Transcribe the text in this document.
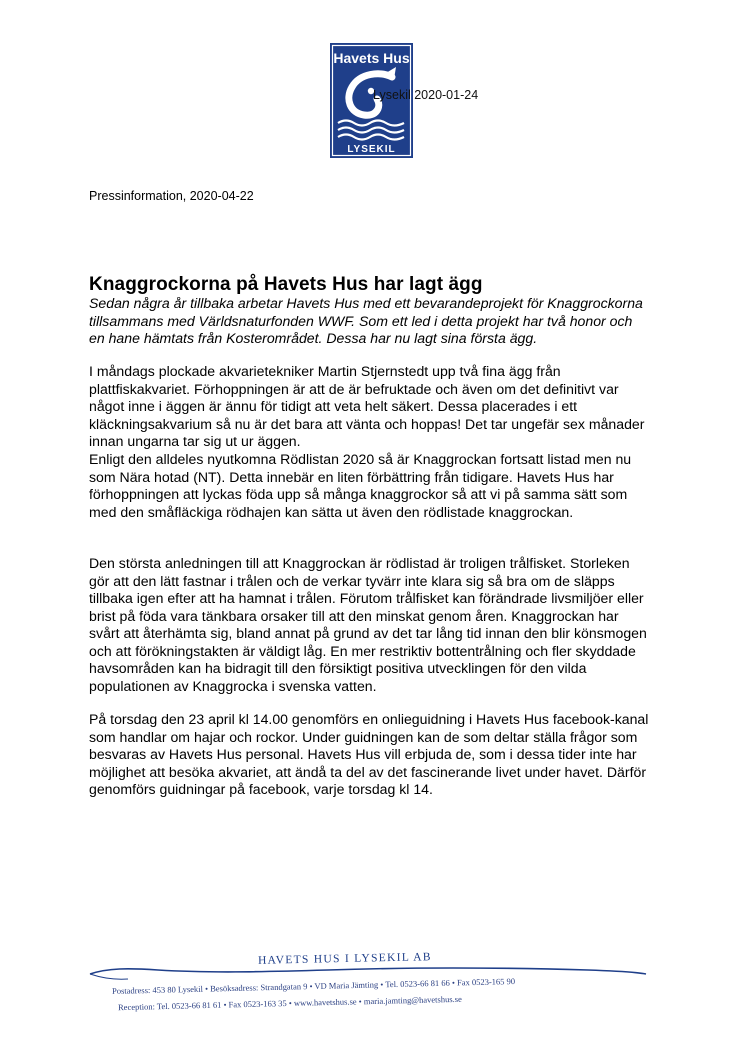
Havets Hus
LYSEKIL
Lysekil 2020-01-24
Pressinformation, 2020-04-22
Knaggrockorna på Havets Hus har lagt ägg

Sedan några år tillbaka arbetar Havets Hus med ett bevarandeprojekt för Knaggrockorna tillsammans med Världsnaturfonden WWF. Som ett led i detta projekt har två honor och en hane hämtats från Kosterområdet. Dessa har nu lagt sina första ägg.

I måndags plockade akvarietekniker Martin Stjernstedt upp två fina ägg från plattfiskakvariet. Förhoppningen är att de är befruktade och även om det definitivt var något inne i äggen är ännu för tidigt att veta helt säkert. Dessa placerades i ett kläckningsakvarium så nu är det bara att vänta och hoppas! Det tar ungefär sex månader innan ungarna tar sig ut ur äggen.

Enligt den alldeles nyutkomna Rödlistan 2020 så är Knaggrockan fortsatt listad men nu som Nära hotad (NT). Detta innebär en liten förbättring från tidigare. Havets Hus har förhoppningen att lyckas föda upp så många knaggrockor så att vi på samma sätt som med den småfläckiga rödhajen kan sätta ut även den rödlistade knaggrockan.

Den största anledningen till att Knaggrockan är rödlistad är troligen trålfisket. Storleken gör att den lätt fastnar i trålen och de verkar tyvärr inte klara sig så bra om de släpps tillbaka igen efter att ha hamnat i trålen. Förutom trålfisket kan förändrade livsmiljöer eller brist på föda vara tänkbara orsaker till att den minskat genom åren. Knaggrockan har svårt att återhämta sig, bland annat på grund av det tar lång tid innan den blir könsmogen och att förökningstakten är väldigt låg. En mer restriktiv bottentrålning och fler skyddade havsområden kan ha bidragit till den försiktigt positiva utvecklingen för den vilda populationen av Knaggrocka i svenska vatten.

På torsdag den 23 april kl 14.00 genomförs en onlieguidning i Havets Hus facebook-kanal som handlar om hajar och rockor. Under guidningen kan de som deltar ställa frågor som besvaras av Havets Hus personal. Havets Hus vill erbjuda de, som i dessa tider inte har möjlighet att besöka akvariet, att ändå ta del av det fascinerande livet under havet. Därför genomförs guidningar på facebook, varje torsdag kl 14.

HAVETS HUS I LYSEKIL AB
Postadress: 453 80 Lysekil • Besöksadress: Strandgatan 9 • VD Maria Jämting • Tel. 0523-66 81 66 • Fax 0523-165 90
Reception: Tel. 0523-66 81 61 • Fax 0523-163 35 • www.havetshus.se • maria.jamting@havetshus.se
